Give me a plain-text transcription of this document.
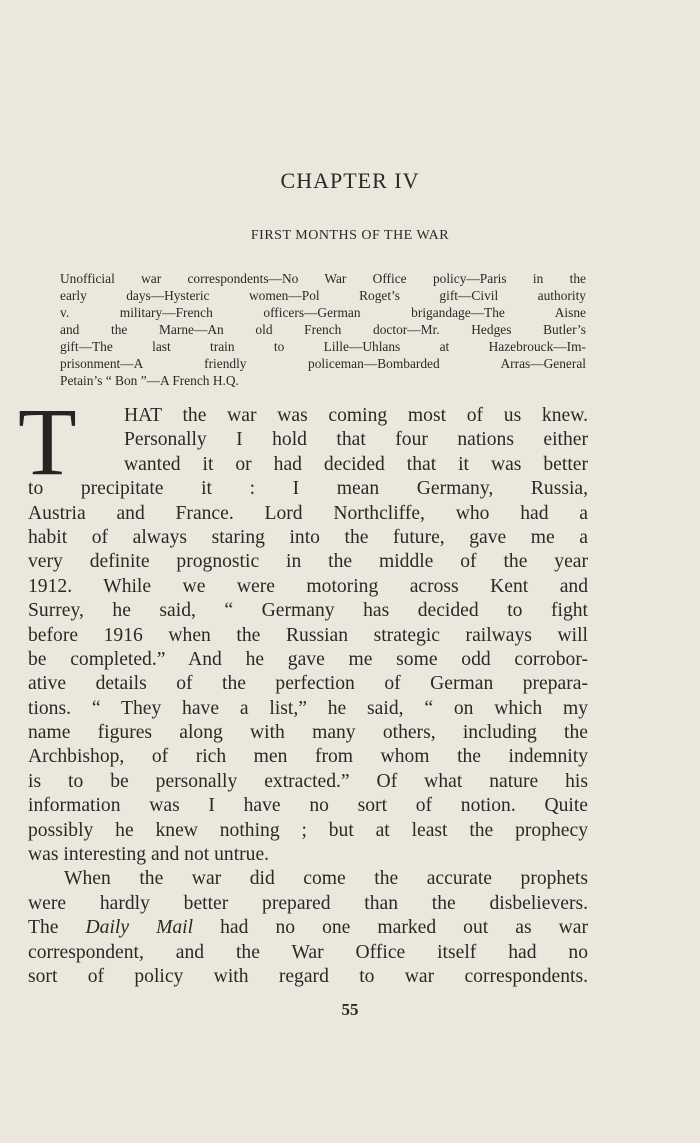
CHAPTER IV
FIRST MONTHS OF THE WAR
Unofficial war correspondents—No War Office policy—Paris in the
early days—Hysteric women—Pol Roget’s gift—Civil authority
v. military—French officers—German brigandage—The Aisne
and the Marne—An old French doctor—Mr. Hedges Butler’s
gift—The last train to Lille—Uhlans at Hazebrouck—Im-
prisonment—A friendly policeman—Bombarded Arras—General
Petain’s “ Bon ”—A French H.Q.
T	HAT the war was coming most of us knew.
Personally I hold that four nations either
wanted it or had decided that it was better
to precipitate it : I mean Germany, Russia,
Austria and France. Lord Northcliffe, who had a
habit of always staring into the future, gave me a
very definite prognostic in the middle of the year
1912. While we were motoring across Kent and
Surrey, he said, “ Germany has decided to fight
before 1916 when the Russian strategic railways will
be completed.” And he gave me some odd corrobor-
ative details of the perfection of German prepara-
tions. “ They have a list,” he said, “ on which my
name figures along with many others, including the
Archbishop, of rich men from whom the indemnity
is to be personally extracted.” Of what nature his
information was I have no sort of notion. Quite
possibly he knew nothing ; but at least the prophecy
was interesting and not untrue.
When the war did come the accurate prophets
were hardly better prepared than the disbelievers.
The Daily Mail had no one marked out as war
correspondent, and the War Office itself had no
sort of policy with regard to war correspondents.
55
